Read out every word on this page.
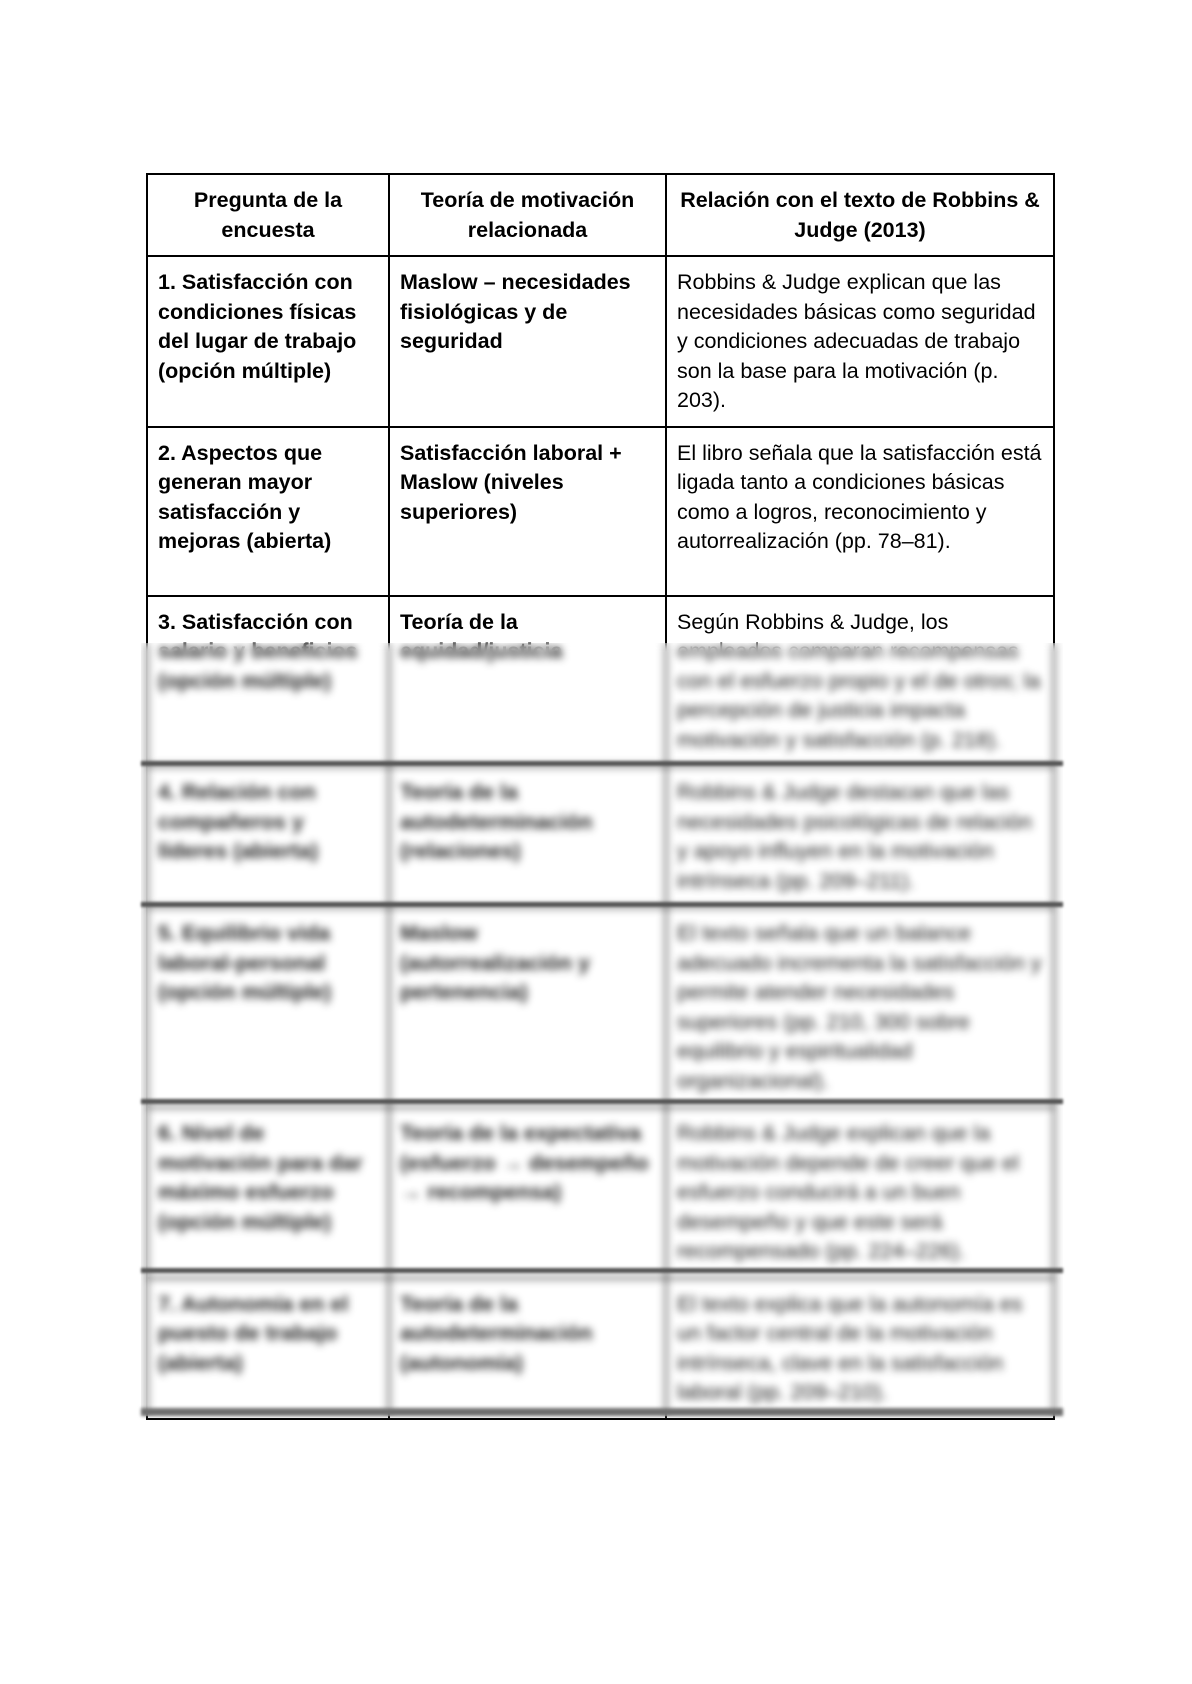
Pregunta de la encuesta	Teoría de motivación relacionada	Relación con el texto de Robbins & Judge (2013)
1. Satisfacción con condiciones físicas del lugar de trabajo (opción múltiple)	Maslow – necesidades fisiológicas y de seguridad	Robbins & Judge explican que las necesidades básicas como seguridad y condiciones adecuadas de trabajo son la base para la motivación (p. 203).
2. Aspectos que generan mayor satisfacción y mejoras (abierta)	Satisfacción laboral + Maslow (niveles superiores)	El libro señala que la satisfacción está ligada tanto a condiciones básicas como a logros, reconocimiento y autorrealización (pp. 78–81).
3. Satisfacción con salario y beneficios (opción múltiple)	Teoría de la equidad/justicia	Según Robbins & Judge, los empleados comparan recompensas con el esfuerzo propio y el de otros; la percepción de justicia impacta motivación y satisfacción (p. 218).
4. Relación con compañeros y líderes (abierta)	Teoría de la autodeterminación (relaciones)	Robbins & Judge destacan que las necesidades psicológicas de relación y apoyo influyen en la motivación intrínseca (pp. 209–211).
5. Equilibrio vida laboral-personal (opción múltiple)	Maslow (autorrealización y pertenencia)	El texto señala que un balance adecuado incrementa la satisfacción y permite atender necesidades superiores (pp. 210, 300 sobre equilibrio y espiritualidad organizacional).
6. Nivel de motivación para dar máximo esfuerzo (opción múltiple)	Teoría de la expectativa (esfuerzo → desempeño → recompensa)	Robbins & Judge explican que la motivación depende de creer que el esfuerzo conducirá a un buen desempeño y que este será recompensado (pp. 224–226).
7. Autonomía en el puesto de trabajo (abierta)	Teoría de la autodeterminación (autonomía)	El texto explica que la autonomía es un factor central de la motivación intrínseca, clave en la satisfacción laboral (pp. 209–210).
